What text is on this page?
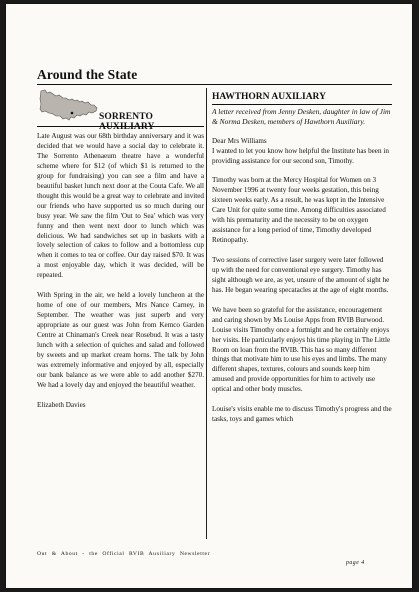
Around the State
SORRENTO

Late August was our 68th birthday anniversary and it was decided that we would have a social day to celebrate it. The Sorrento Athenaeum theatre have a wonderful scheme where for $12 (of which $1 is returned to the group for fundraising) you can see a film and have a beautiful basket lunch next door at the Couta Cafe. We all thought this would be a great way to celebrate and invited our friends who have supported us so much during our busy year. We saw the film 'Out to Sea' which was very funny and then went next door to lunch which was delicious. We had sandwiches set up in baskets with a lovely selection of cakes to follow and a bottomless cup when it comes to tea or coffee. Our day raised $70. It was a most enjoyable day, which it was decided, will be repeated.

With Spring in the air, we held a lovely luncheon at the home of one of our members, Mrs Nance Carney, in September. The weather was just superb and very appropriate as our guest was John from Kemco Garden Centre at Chinaman's Creek near Rosebud. It was a tasty lunch with a selection of quiches and salad and followed by sweets and up market cream horns. The talk by John was extremely informative and enjoyed by all, especially our bank balance as we were able to add another $270. We had a lovely day and enjoyed the beautiful weather.

Elizabeth Davies

HAWTHORN AUXILIARY

A letter received from Jenny Desken, daughter in law of Jim & Norma Desken, members of Hawthorn Auxiliary.

Dear Mrs Williams

I wanted to let you know how helpful the Institute has been in providing assistance for our second son, Timothy.

Timothy was born at the Mercy Hospital for Women on 3 November 1996 at twenty four weeks gestation, this being sixteen weeks early. As a result, he was kept in the Intensive Care Unit for quite some time. Among difficulties associated with his prematurity and the necessity to be on oxygen assistance for a long period of time, Timothy developed Retinopathy.

Two sessions of corrective laser surgery were later followed up with the need for conventional eye surgery. Timothy has sight although we are, as yet, unsure of the amount of sight he has. He began wearing specatacles at the age of eight months.

We have been so grateful for the assistance, encouragement and caring shown by Ms Louise Apps from RVIB Burwood. Louise visits Timothy once a fortnight and he certainly enjoys her visits. He particularly enjoys his time playing in The Little Room on loan from the RVIB. This has so many different things that motivate him to use his eyes and limbs. The many different shapes, textures, colours and sounds keep him amused and provide opportunities for him to actively use optical and other body muscles.

Louise's visits enable me to discuss Timothy's progress and the tasks, toys and games which

Out & About - the Official RVIB Auxiliary Newsletter
page 4
